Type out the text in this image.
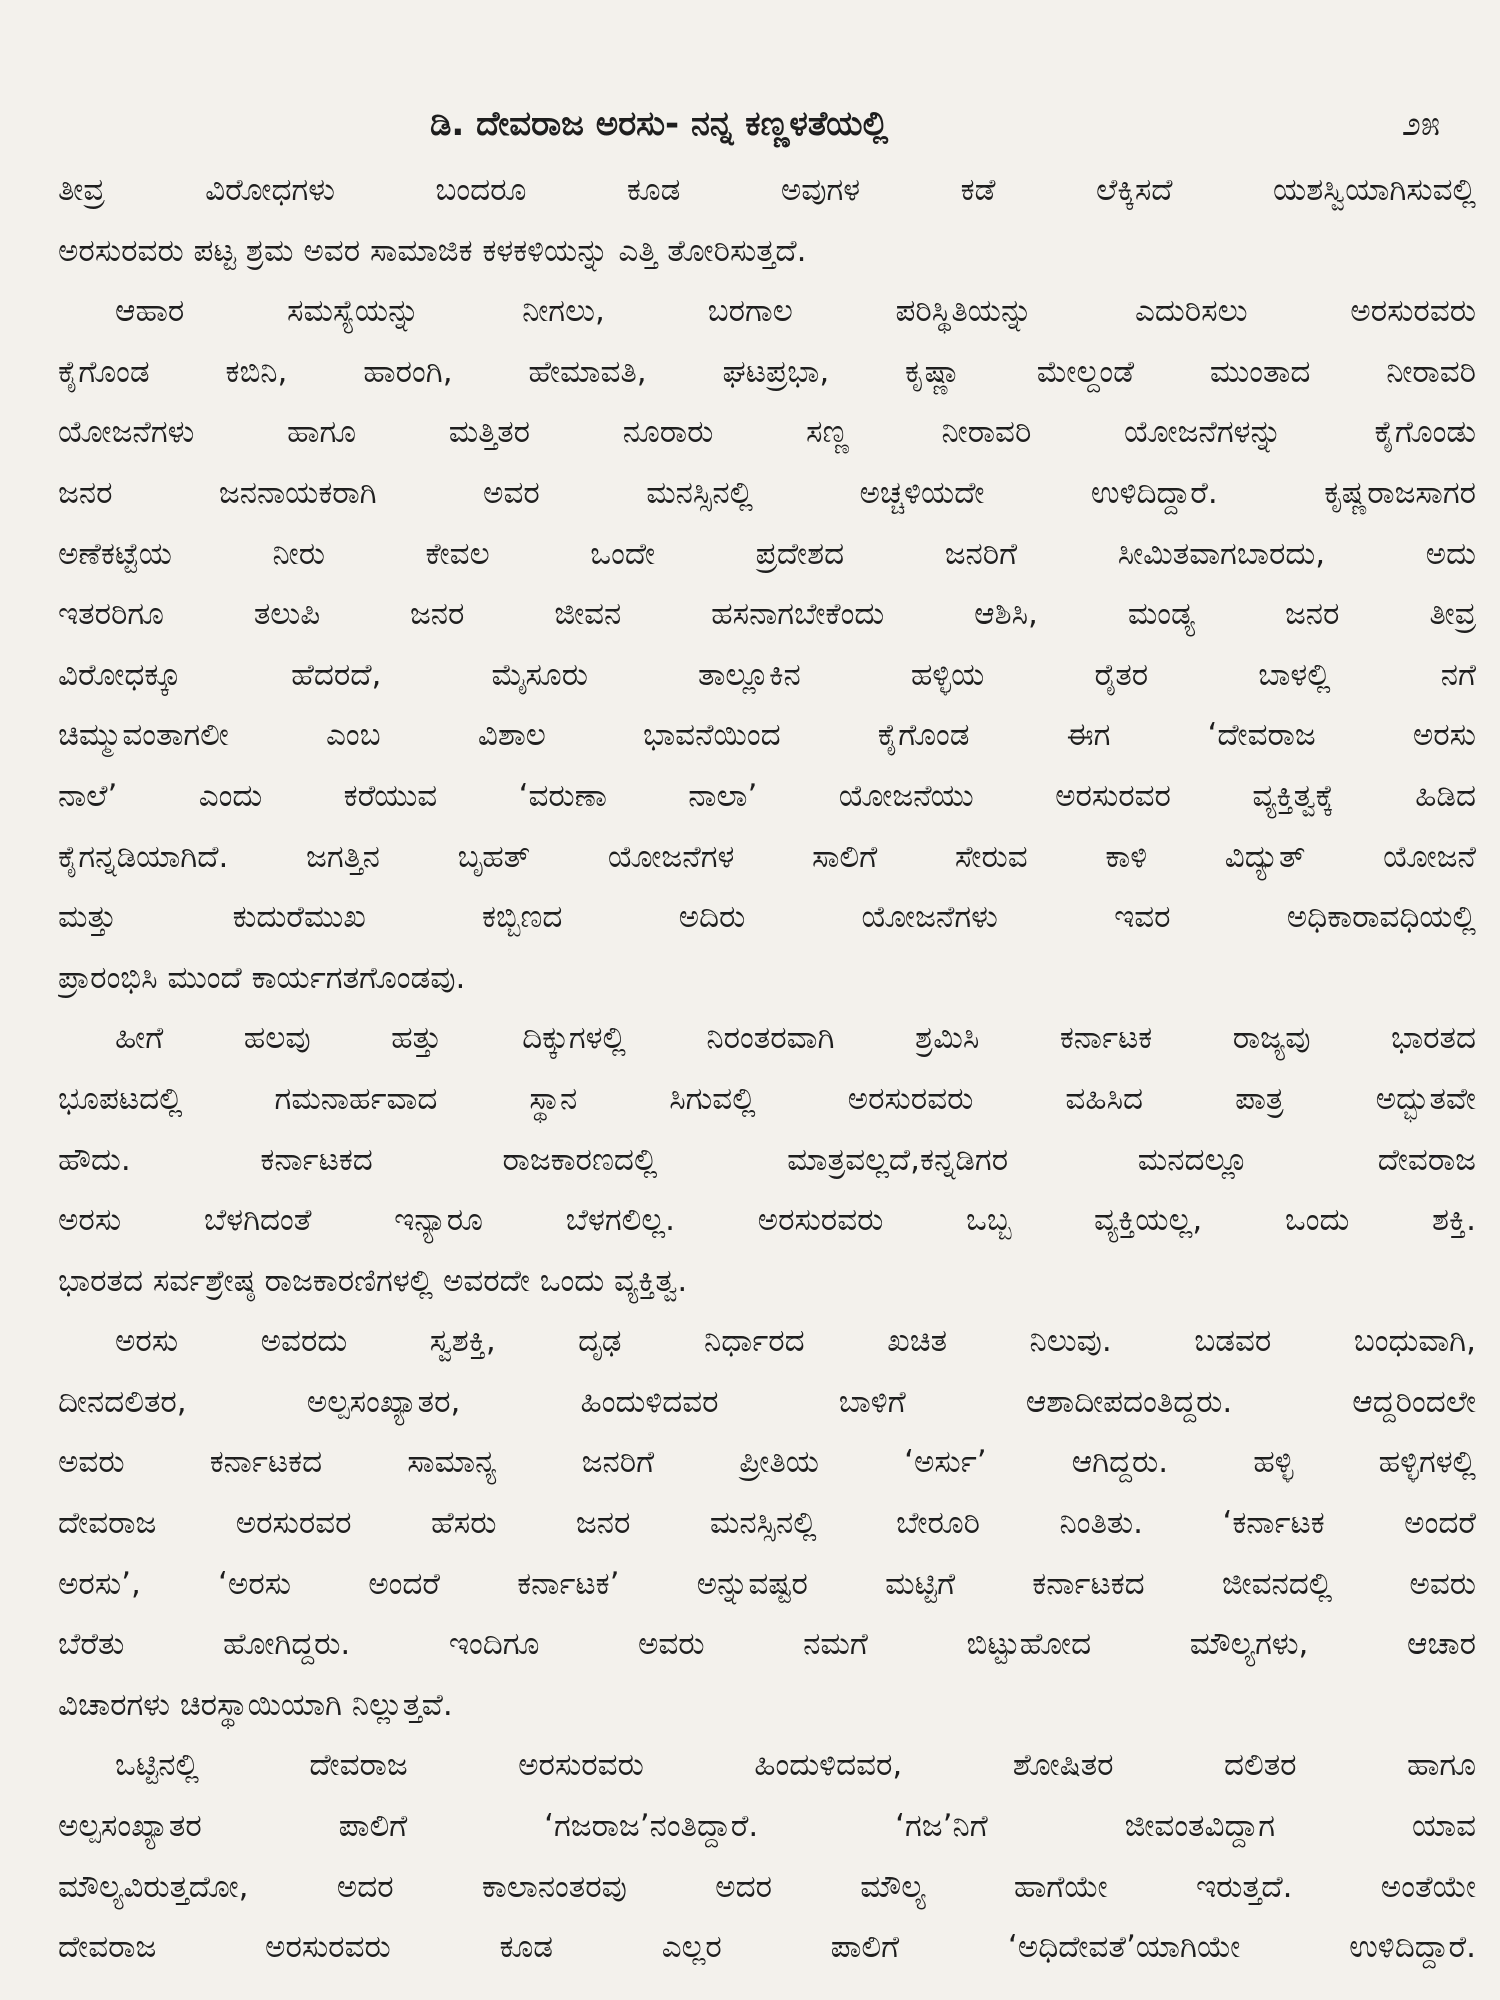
ಡಿ. ದೇವರಾಜ ಅರಸು- ನನ್ನ ಕಣ್ಣಳತೆಯಲ್ಲಿ	೨೫
ತೀವ್ರ ವಿರೋಧಗಳು ಬಂದರೂ ಕೂಡ ಅವುಗಳ ಕಡೆ ಲೆಕ್ಕಿಸದೆ ಯಶಸ್ವಿಯಾಗಿಸುವಲ್ಲಿ
ಅರಸುರವರು ಪಟ್ಟ ಶ್ರಮ ಅವರ ಸಾಮಾಜಿಕ ಕಳಕಳಿಯನ್ನು ಎತ್ತಿ ತೋರಿಸುತ್ತದೆ.
ಆಹಾರ ಸಮಸ್ಯೆಯನ್ನು ನೀಗಲು, ಬರಗಾಲ ಪರಿಸ್ಥಿತಿಯನ್ನು ಎದುರಿಸಲು ಅರಸುರವರು
ಕೈಗೊಂಡ ಕಬಿನಿ, ಹಾರಂಗಿ, ಹೇಮಾವತಿ, ಘಟಪ್ರಭಾ, ಕೃಷ್ಣಾ ಮೇಲ್ದಂಡೆ ಮುಂತಾದ ನೀರಾವರಿ
ಯೋಜನೆಗಳು ಹಾಗೂ ಮತ್ತಿತರ ನೂರಾರು ಸಣ್ಣ ನೀರಾವರಿ ಯೋಜನೆಗಳನ್ನು ಕೈಗೊಂಡು
ಜನರ ಜನನಾಯಕರಾಗಿ ಅವರ ಮನಸ್ಸಿನಲ್ಲಿ ಅಚ್ಚಳಿಯದೇ ಉಳಿದಿದ್ದಾರೆ. ಕೃಷ್ಣರಾಜಸಾಗರ
ಅಣೆಕಟ್ಟೆಯ ನೀರು ಕೇವಲ ಒಂದೇ ಪ್ರದೇಶದ ಜನರಿಗೆ ಸೀಮಿತವಾಗಬಾರದು, ಅದು
ಇತರರಿಗೂ ತಲುಪಿ ಜನರ ಜೀವನ ಹಸನಾಗಬೇಕೆಂದು ಆಶಿಸಿ, ಮಂಡ್ಯ ಜನರ ತೀವ್ರ
ವಿರೋಧಕ್ಕೂ ಹೆದರದೆ, ಮೈಸೂರು ತಾಲ್ಲೂಕಿನ ಹಳ್ಳಿಯ ರೈತರ ಬಾಳಲ್ಲಿ ನಗೆ
ಚಿಮ್ಮುವಂತಾಗಲೀ ಎಂಬ ವಿಶಾಲ ಭಾವನೆಯಿಂದ ಕೈಗೊಂಡ ಈಗ ‘ದೇವರಾಜ ಅರಸು
ನಾಲೆ’ ಎಂದು ಕರೆಯುವ ‘ವರುಣಾ ನಾಲಾ’ ಯೋಜನೆಯು ಅರಸುರವರ ವ್ಯಕ್ತಿತ್ವಕ್ಕೆ ಹಿಡಿದ
ಕೈಗನ್ನಡಿಯಾಗಿದೆ. ಜಗತ್ತಿನ ಬೃಹತ್ ಯೋಜನೆಗಳ ಸಾಲಿಗೆ ಸೇರುವ ಕಾಳಿ ವಿದ್ಯುತ್ ಯೋಜನೆ
ಮತ್ತು ಕುದುರೆಮುಖ ಕಬ್ಬಿಣದ ಅದಿರು ಯೋಜನೆಗಳು ಇವರ ಅಧಿಕಾರಾವಧಿಯಲ್ಲಿ
ಪ್ರಾರಂಭಿಸಿ ಮುಂದೆ ಕಾರ್ಯಗತಗೊಂಡವು.
ಹೀಗೆ ಹಲವು ಹತ್ತು ದಿಕ್ಕುಗಳಲ್ಲಿ ನಿರಂತರವಾಗಿ ಶ್ರಮಿಸಿ ಕರ್ನಾಟಕ ರಾಜ್ಯವು ಭಾರತದ
ಭೂಪಟದಲ್ಲಿ ಗಮನಾರ್ಹವಾದ ಸ್ಥಾನ ಸಿಗುವಲ್ಲಿ ಅರಸುರವರು ವಹಿಸಿದ ಪಾತ್ರ ಅದ್ಭುತವೇ
ಹೌದು. ಕರ್ನಾಟಕದ ರಾಜಕಾರಣದಲ್ಲಿ ಮಾತ್ರವಲ್ಲದೆ,ಕನ್ನಡಿಗರ ಮನದಲ್ಲೂ ದೇವರಾಜ
ಅರಸು ಬೆಳಗಿದಂತೆ ಇನ್ಯಾರೂ ಬೆಳಗಲಿಲ್ಲ. ಅರಸುರವರು ಒಬ್ಬ ವ್ಯಕ್ತಿಯಲ್ಲ, ಒಂದು ಶಕ್ತಿ.
ಭಾರತದ ಸರ್ವಶ್ರೇಷ್ಠ ರಾಜಕಾರಣಿಗಳಲ್ಲಿ ಅವರದೇ ಒಂದು ವ್ಯಕ್ತಿತ್ವ.
ಅರಸು ಅವರದು ಸ್ವಶಕ್ತಿ, ದೃಢ ನಿರ್ಧಾರದ ಖಚಿತ ನಿಲುವು. ಬಡವರ ಬಂಧುವಾಗಿ,
ದೀನದಲಿತರ, ಅಲ್ಪಸಂಖ್ಯಾತರ, ಹಿಂದುಳಿದವರ ಬಾಳಿಗೆ ಆಶಾದೀಪದಂತಿದ್ದರು. ಆದ್ದರಿಂದಲೇ
ಅವರು ಕರ್ನಾಟಕದ ಸಾಮಾನ್ಯ ಜನರಿಗೆ ಪ್ರೀತಿಯ ‘ಅರ್ಸು’ ಆಗಿದ್ದರು. ಹಳ್ಳಿ ಹಳ್ಳಿಗಳಲ್ಲಿ
ದೇವರಾಜ ಅರಸುರವರ ಹೆಸರು ಜನರ ಮನಸ್ಸಿನಲ್ಲಿ ಬೇರೂರಿ ನಿಂತಿತು. ‘ಕರ್ನಾಟಕ ಅಂದರೆ
ಅರಸು’, ‘ಅರಸು ಅಂದರೆ ಕರ್ನಾಟಕ’ ಅನ್ನುವಷ್ಟರ ಮಟ್ಟಿಗೆ ಕರ್ನಾಟಕದ ಜೀವನದಲ್ಲಿ ಅವರು
ಬೆರೆತು ಹೋಗಿದ್ದರು. ಇಂದಿಗೂ ಅವರು ನಮಗೆ ಬಿಟ್ಟುಹೋದ ಮೌಲ್ಯಗಳು, ಆಚಾರ
ವಿಚಾರಗಳು ಚಿರಸ್ಥಾಯಿಯಾಗಿ ನಿಲ್ಲುತ್ತವೆ.
ಒಟ್ಟಿನಲ್ಲಿ ದೇವರಾಜ ಅರಸುರವರು ಹಿಂದುಳಿದವರ, ಶೋಷಿತರ ದಲಿತರ ಹಾಗೂ
ಅಲ್ಪಸಂಖ್ಯಾತರ ಪಾಲಿಗೆ ‘ಗಜರಾಜ’ನಂತಿದ್ದಾರೆ. ‘ಗಜ’ನಿಗೆ ಜೀವಂತವಿದ್ದಾಗ ಯಾವ
ಮೌಲ್ಯವಿರುತ್ತದೋ, ಅದರ ಕಾಲಾನಂತರವು ಅದರ ಮೌಲ್ಯ ಹಾಗೆಯೇ ಇರುತ್ತದೆ. ಅಂತೆಯೇ
ದೇವರಾಜ ಅರಸುರವರು ಕೂಡ ಎಲ್ಲರ ಪಾಲಿಗೆ ‘ಅಧಿದೇವತೆ’ಯಾಗಿಯೇ ಉಳಿದಿದ್ದಾರೆ.
